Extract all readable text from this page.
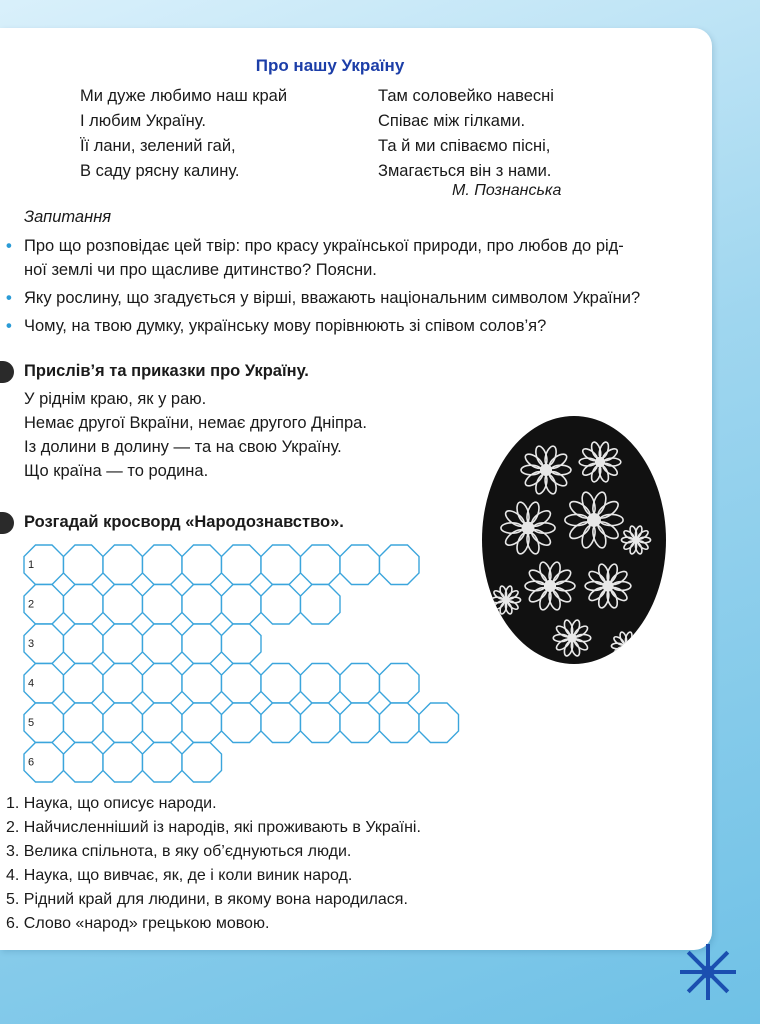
Про нашу Україну
Ми дуже любимо наш край
І любим Україну.
Її лани, зелений гай,
В саду рясну калину.
Там соловейко навесні
Співає між гілками.
Та й ми співаємо пісні,
Змагається він з нами.
М. Познанська
Запитання
• Про що розповідає цей твір: про красу української природи, про любов до рід-
ної землі чи про щасливе дитинство? Поясни.
• Яку рослину, що згадується у вірші, вважають національним символом України?
• Чому, на твою думку, українську мову порівнюють зі співом солов’я?
Прислів’я та приказки про Україну.
У ріднім краю, як у раю.
Немає другої Вкраїни, немає другого Дніпра.
Із долини в долину — та на свою Україну.
Що країна — то родина.
Розгадай кросворд «Народознавство».
1
2
3
4
5
6
1. Наука, що описує народи.
2. Найчисленніший із народів, які проживають в Україні.
3. Велика спільнота, в яку об’єднуються люди.
4. Наука, що вивчає, як, де і коли виник народ.
5. Рідний край для людини, в якому вона народилася.
6. Слово «народ» грецькою мовою.
